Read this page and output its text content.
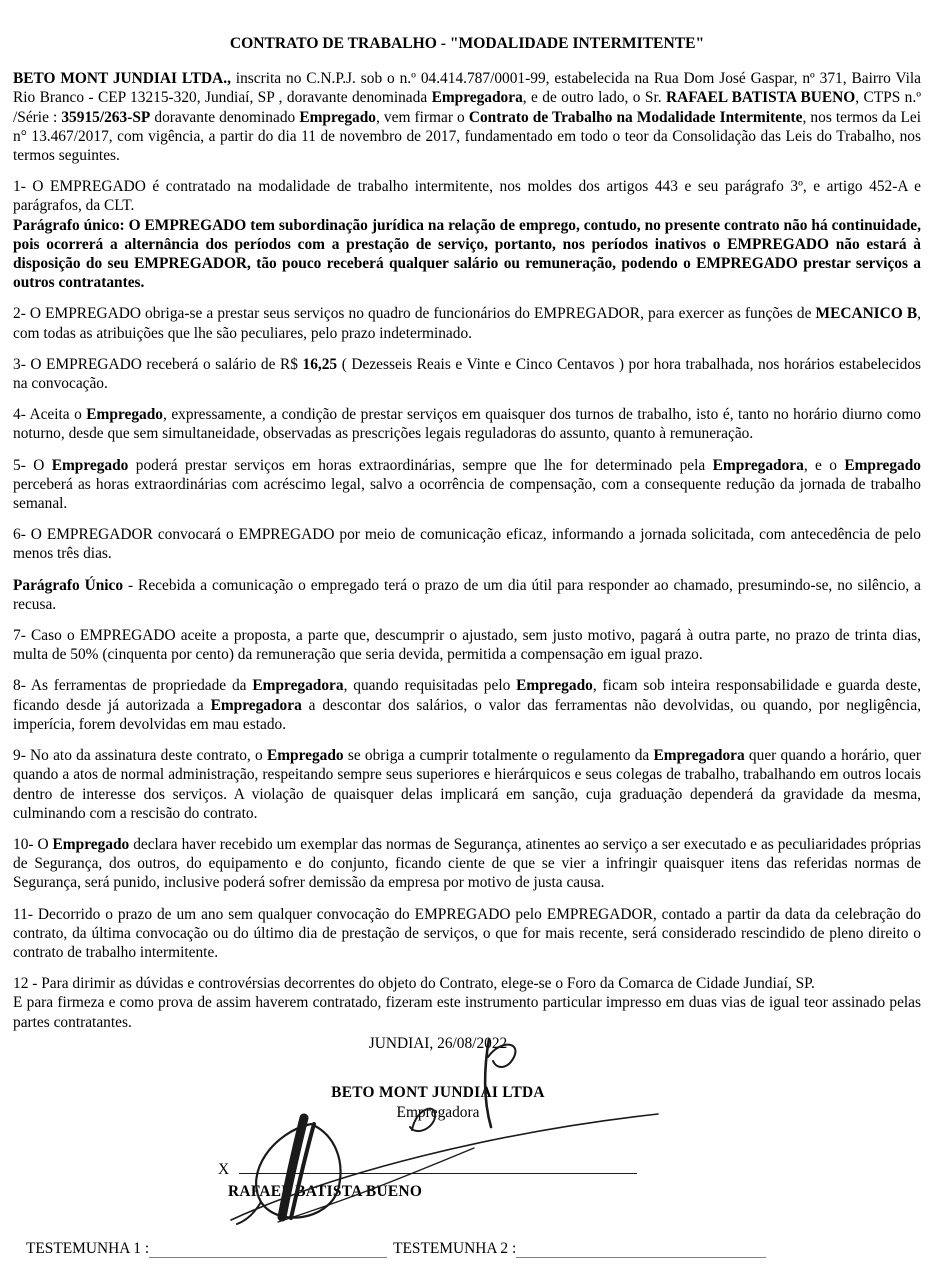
CONTRATO DE TRABALHO - "MODALIDADE INTERMITENTE"

BETO MONT JUNDIAI LTDA., inscrita no C.N.P.J. sob o n.º 04.414.787/0001-99, estabelecida na Rua Dom José Gaspar, nº 371, Bairro Vila Rio Branco - CEP 13215-320, Jundiaí, SP , doravante denominada Empregadora, e de outro lado, o Sr. RAFAEL BATISTA BUENO, CTPS n.º /Série : 35915/263-SP doravante denominado Empregado, vem firmar o Contrato de Trabalho na Modalidade Intermitente, nos termos da Lei n° 13.467/2017, com vigência, a partir do dia 11 de novembro de 2017, fundamentado em todo o teor da Consolidação das Leis do Trabalho, nos termos seguintes.

1- O EMPREGADO é contratado na modalidade de trabalho intermitente, nos moldes dos artigos 443 e seu parágrafo 3º, e artigo 452-A e parágrafos, da CLT.

Parágrafo único: O EMPREGADO tem subordinação jurídica na relação de emprego, contudo, no presente contrato não há continuidade, pois ocorrerá a alternância dos períodos com a prestação de serviço, portanto, nos períodos inativos o EMPREGADO não estará à disposição do seu EMPREGADOR, tão pouco receberá qualquer salário ou remuneração, podendo o EMPREGADO prestar serviços a outros contratantes.

2- O EMPREGADO obriga-se a prestar seus serviços no quadro de funcionários do EMPREGADOR, para exercer as funções de MECANICO B, com todas as atribuições que lhe são peculiares, pelo prazo indeterminado.

3- O EMPREGADO receberá o salário de R$ 16,25 ( Dezesseis Reais e Vinte e Cinco Centavos ) por hora trabalhada, nos horários estabelecidos na convocação.

4- Aceita o Empregado, expressamente, a condição de prestar serviços em quaisquer dos turnos de trabalho, isto é, tanto no horário diurno como noturno, desde que sem simultaneidade, observadas as prescrições legais reguladoras do assunto, quanto à remuneração.

5- O Empregado poderá prestar serviços em horas extraordinárias, sempre que lhe for determinado pela Empregadora, e o Empregado perceberá as horas extraordinárias com acréscimo legal, salvo a ocorrência de compensação, com a consequente redução da jornada de trabalho semanal.

6- O EMPREGADOR convocará o EMPREGADO por meio de comunicação eficaz, informando a jornada solicitada, com antecedência de pelo menos três dias.

Parágrafo Único - Recebida a comunicação o empregado terá o prazo de um dia útil para responder ao chamado, presumindo-se, no silêncio, a recusa.

7- Caso o EMPREGADO aceite a proposta, a parte que, descumprir o ajustado, sem justo motivo, pagará à outra parte, no prazo de trinta dias, multa de 50% (cinquenta por cento) da remuneração que seria devida, permitida a compensação em igual prazo.

8- As ferramentas de propriedade da Empregadora, quando requisitadas pelo Empregado, ficam sob inteira responsabilidade e guarda deste, ficando desde já autorizada a Empregadora a descontar dos salários, o valor das ferramentas não devolvidas, ou quando, por negligência, imperícia, forem devolvidas em mau estado.

9- No ato da assinatura deste contrato, o Empregado se obriga a cumprir totalmente o regulamento da Empregadora quer quando a horário, quer quando a atos de normal administração, respeitando sempre seus superiores e hierárquicos e seus colegas de trabalho, trabalhando em outros locais dentro de interesse dos serviços. A violação de quaisquer delas implicará em sanção, cuja graduação dependerá da gravidade da mesma, culminando com a rescisão do contrato.

10- O Empregado declara haver recebido um exemplar das normas de Segurança, atinentes ao serviço a ser executado e as peculiaridades próprias de Segurança, dos outros, do equipamento e do conjunto, ficando ciente de que se vier a infringir quaisquer itens das referidas normas de Segurança, será punido, inclusive poderá sofrer demissão da empresa por motivo de justa causa.

11- Decorrido o prazo de um ano sem qualquer convocação do EMPREGADO pelo EMPREGADOR, contado a partir da data da celebração do contrato, da última convocação ou do último dia de prestação de serviços, o que for mais recente, será considerado rescindido de pleno direito o contrato de trabalho intermitente.

12 - Para dirimir as dúvidas e controvérsias decorrentes do objeto do Contrato, elege-se o Foro da Comarca de Cidade Jundiaí, SP.
E para firmeza e como prova de assim haverem contratado, fizeram este instrumento particular impresso em duas vias de igual teor assinado pelas partes contratantes.

JUNDIAI, 26/08/2022
BETO MONT JUNDIAI LTDA
Empregadora
X
RAFAEL BATISTA BUENO
TESTEMUNHA 1 :	TESTEMUNHA 2 :
